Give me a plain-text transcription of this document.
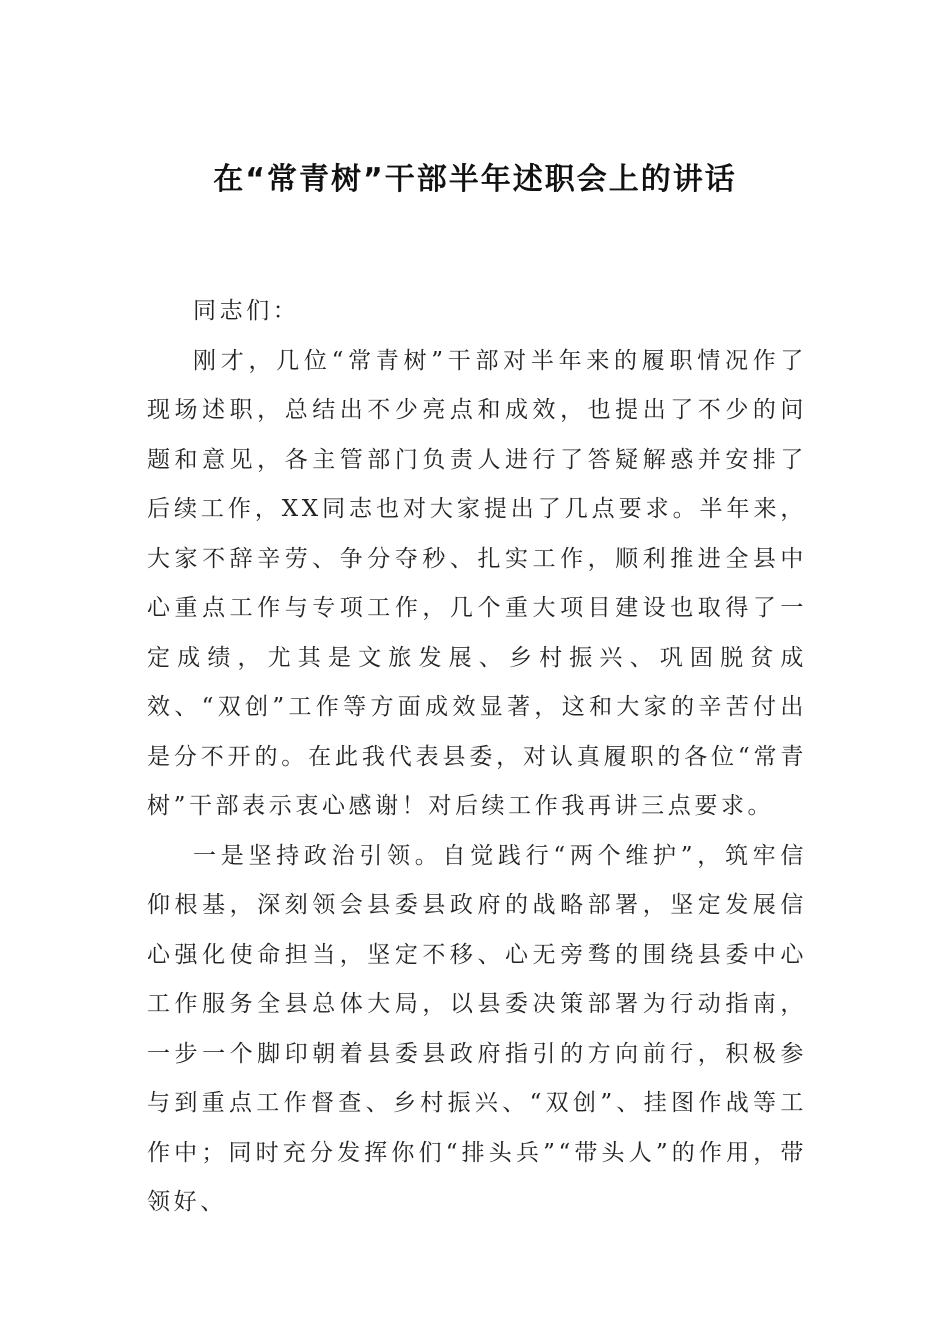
在“常青树”干部半年述职会上的讲话

同志们：

刚才，几位“常青树”干部对半年来的履职情况作了现场述职，总结出不少亮点和成效，也提出了不少的问题和意见，各主管部门负责人进行了答疑解惑并安排了后续工作，XX同志也对大家提出了几点要求。半年来，大家不辞辛劳、争分夺秒、扎实工作，顺利推进全县中心重点工作与专项工作，几个重大项目建设也取得了一定成绩，尤其是文旅发展、乡村振兴、巩固脱贫成效、“双创”工作等方面成效显著，这和大家的辛苦付出是分不开的。在此我代表县委，对认真履职的各位“常青树”干部表示衷心感谢！对后续工作我再讲三点要求。

一是坚持政治引领。自觉践行“两个维护”，筑牢信仰根基，深刻领会县委县政府的战略部署，坚定发展信心强化使命担当，坚定不移、心无旁骛的围绕县委中心工作服务全县总体大局，以县委决策部署为行动指南，一步一个脚印朝着县委县政府指引的方向前行，积极参与到重点工作督查、乡村振兴、“双创”、挂图作战等工作中；同时充分发挥你们“排头兵”“带头人”的作用，带领好、
